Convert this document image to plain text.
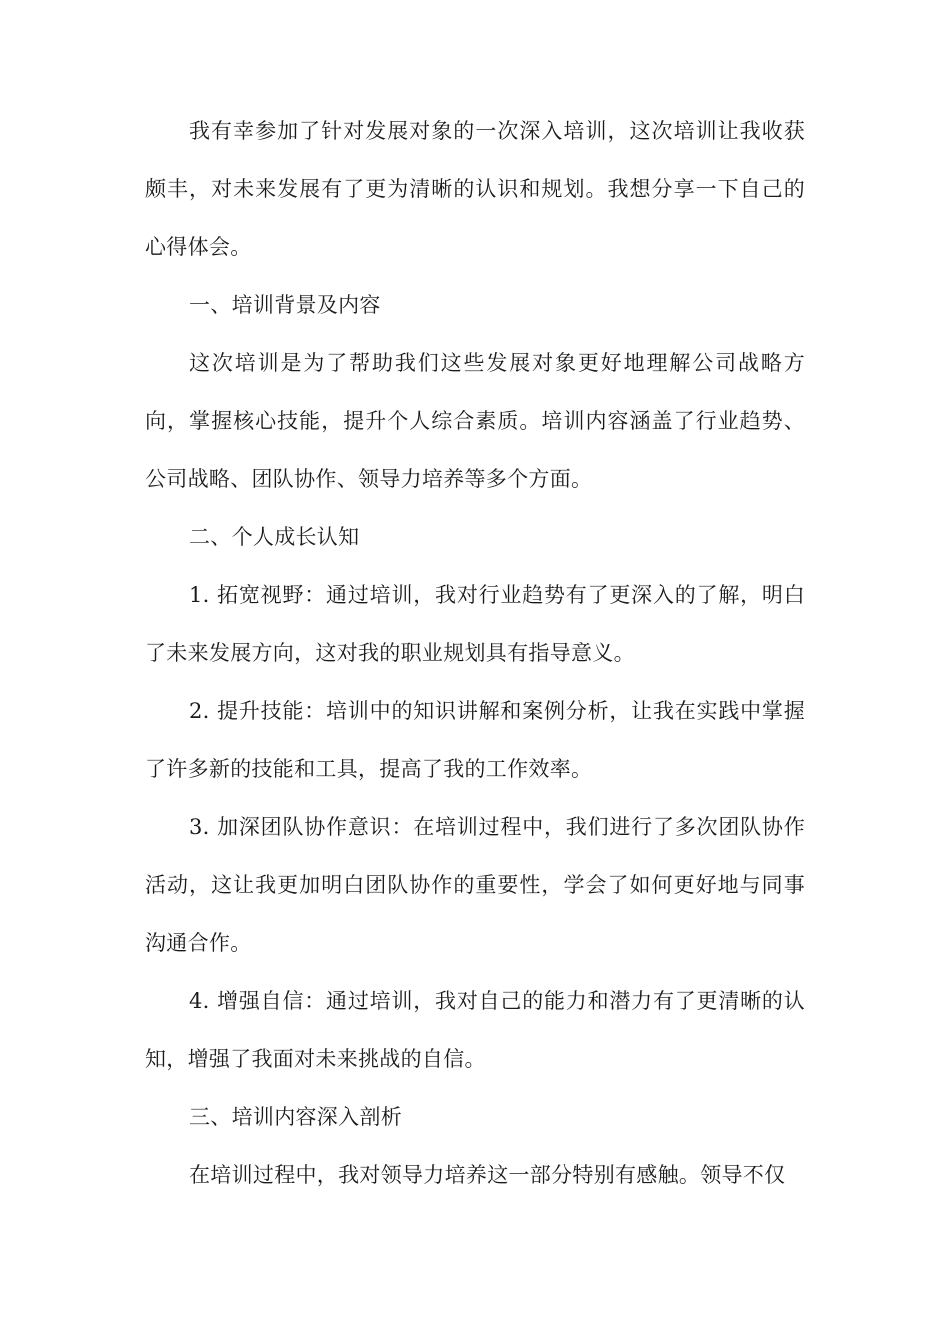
我有幸参加了针对发展对象的一次深入培训，这次培训让我收获颇丰，对未来发展有了更为清晰的认识和规划。我想分享一下自己的心得体会。

一、培训背景及内容

这次培训是为了帮助我们这些发展对象更好地理解公司战略方向，掌握核心技能，提升个人综合素质。培训内容涵盖了行业趋势、公司战略、团队协作、领导力培养等多个方面。

二、个人成长认知

1. 拓宽视野：通过培训，我对行业趋势有了更深入的了解，明白了未来发展方向，这对我的职业规划具有指导意义。

2. 提升技能：培训中的知识讲解和案例分析，让我在实践中掌握了许多新的技能和工具，提高了我的工作效率。

3. 加深团队协作意识：在培训过程中，我们进行了多次团队协作活动，这让我更加明白团队协作的重要性，学会了如何更好地与同事沟通合作。

4. 增强自信：通过培训，我对自己的能力和潜力有了更清晰的认知，增强了我面对未来挑战的自信。

三、培训内容深入剖析

在培训过程中，我对领导力培养这一部分特别有感触。领导不仅
